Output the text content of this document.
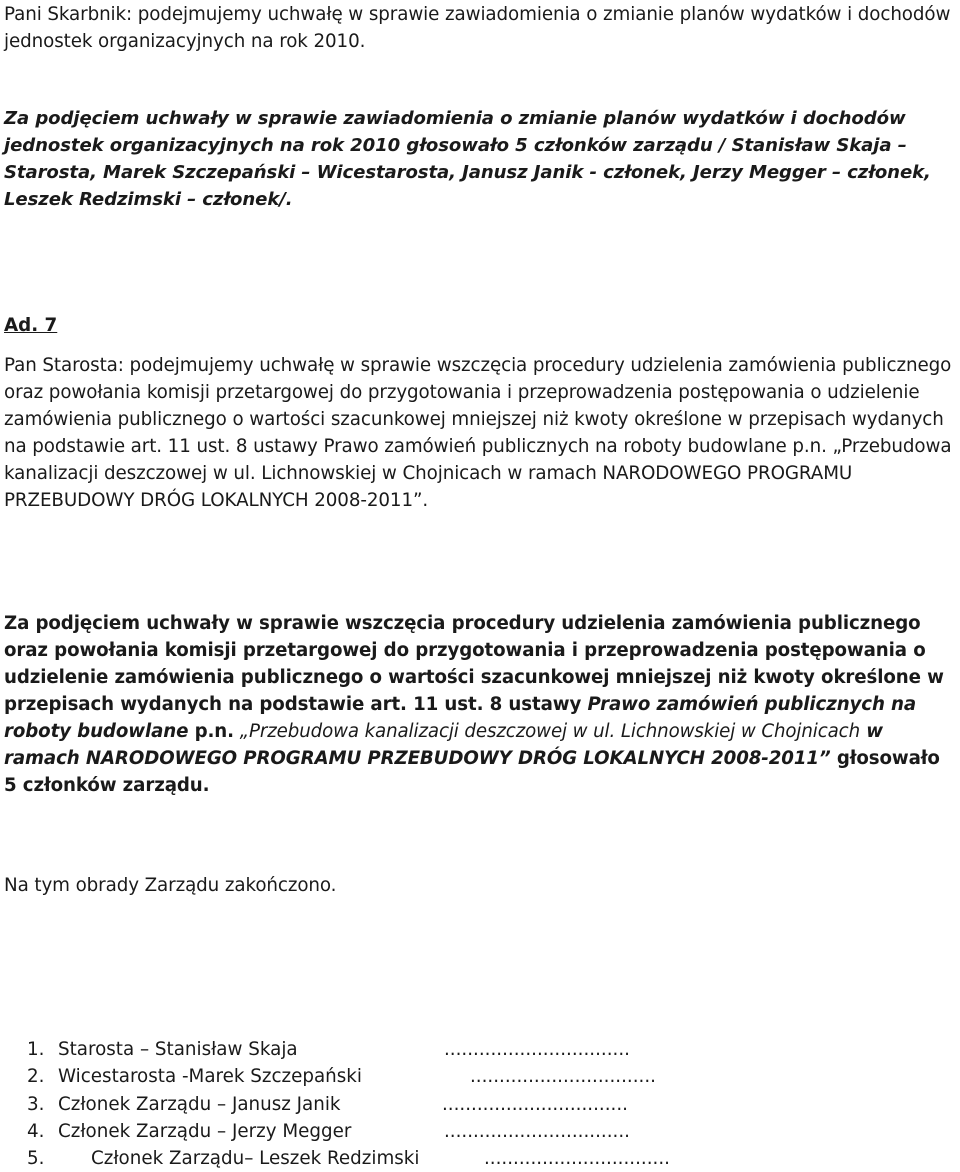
Pani Skarbnik: podejmujemy uchwałę w sprawie zawiadomienia o zmianie planów wydatków i dochodów jednostek organizacyjnych na rok 2010.

Za podjęciem uchwały w sprawie zawiadomienia o zmianie planów wydatków i dochodów jednostek organizacyjnych na rok 2010 głosowało 5 członków zarządu / Stanisław Skaja – Starosta, Marek Szczepański – Wicestarosta, Janusz Janik - członek, Jerzy Megger – członek, Leszek Redzimski – członek/.

Ad. 7

Pan Starosta: podejmujemy uchwałę w sprawie wszczęcia procedury udzielenia zamówienia publicznego oraz powołania komisji przetargowej do przygotowania i przeprowadzenia postępowania o udzielenie zamówienia publicznego o wartości szacunkowej mniejszej niż kwoty określone w przepisach wydanych na podstawie art. 11 ust. 8 ustawy Prawo zamówień publicznych na roboty budowlane p.n. „Przebudowa kanalizacji deszczowej w ul. Lichnowskiej w Chojnicach w ramach NARODOWEGO PROGRAMU PRZEBUDOWY DRÓG LOKALNYCH 2008-2011”.

Za podjęciem uchwały w sprawie wszczęcia procedury udzielenia zamówienia publicznego oraz powołania komisji przetargowej do przygotowania i przeprowadzenia postępowania o udzielenie zamówienia publicznego o wartości szacunkowej mniejszej niż kwoty określone w przepisach wydanych na podstawie art. 11 ust. 8 ustawy Prawo zamówień publicznych na roboty budowlane p.n. „Przebudowa kanalizacji deszczowej w ul. Lichnowskiej w Chojnicach w ramach NARODOWEGO PROGRAMU PRZEBUDOWY DRÓG LOKALNYCH 2008-2011” głosowało 5 członków zarządu.

Na tym obrady Zarządu zakończono.

1. Starosta – Stanisław Skaja	................................
2. Wicestarosta -Marek Szczepański	................................
3. Członek Zarządu – Janusz Janik	................................
4. Członek Zarządu – Jerzy Megger	................................
5.	Członek Zarządu– Leszek Redzimski	................................
